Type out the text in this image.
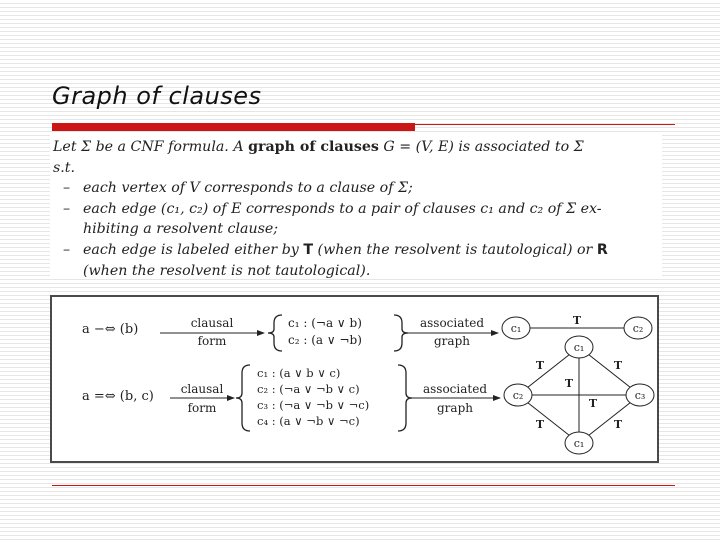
Graph of clauses
Let Σ be a CNF formula. A graph of clauses G = (V, E) is associated to Σ
s.t.
– each vertex of V corresponds to a clause of Σ;
– each edge (c₁, c₂) of E corresponds to a pair of clauses c₁ and c₂ of Σ ex-
hibiting a resolvent clause;
– each edge is labeled either by T (when the resolvent is tautological) or R
(when the resolvent is not tautological).
a −⇔ (b)	clausal
form
c₁ : (¬a ∨ b)
c₂ : (a ∨ ¬b)
associated
graph
T
c₁	c₂
a =⇔ (b, c) clausal
form
c₁ : (a ∨ b ∨ c)
c₂ : (¬a ∨ ¬b ∨ c)
c₃ : (¬a ∨ ¬b ∨ ¬c)
c₄ : (a ∨ ¬b ∨ ¬c)
associated
graph
T	T
T
T
T	T
c₁
c₂	c₃
c₁
